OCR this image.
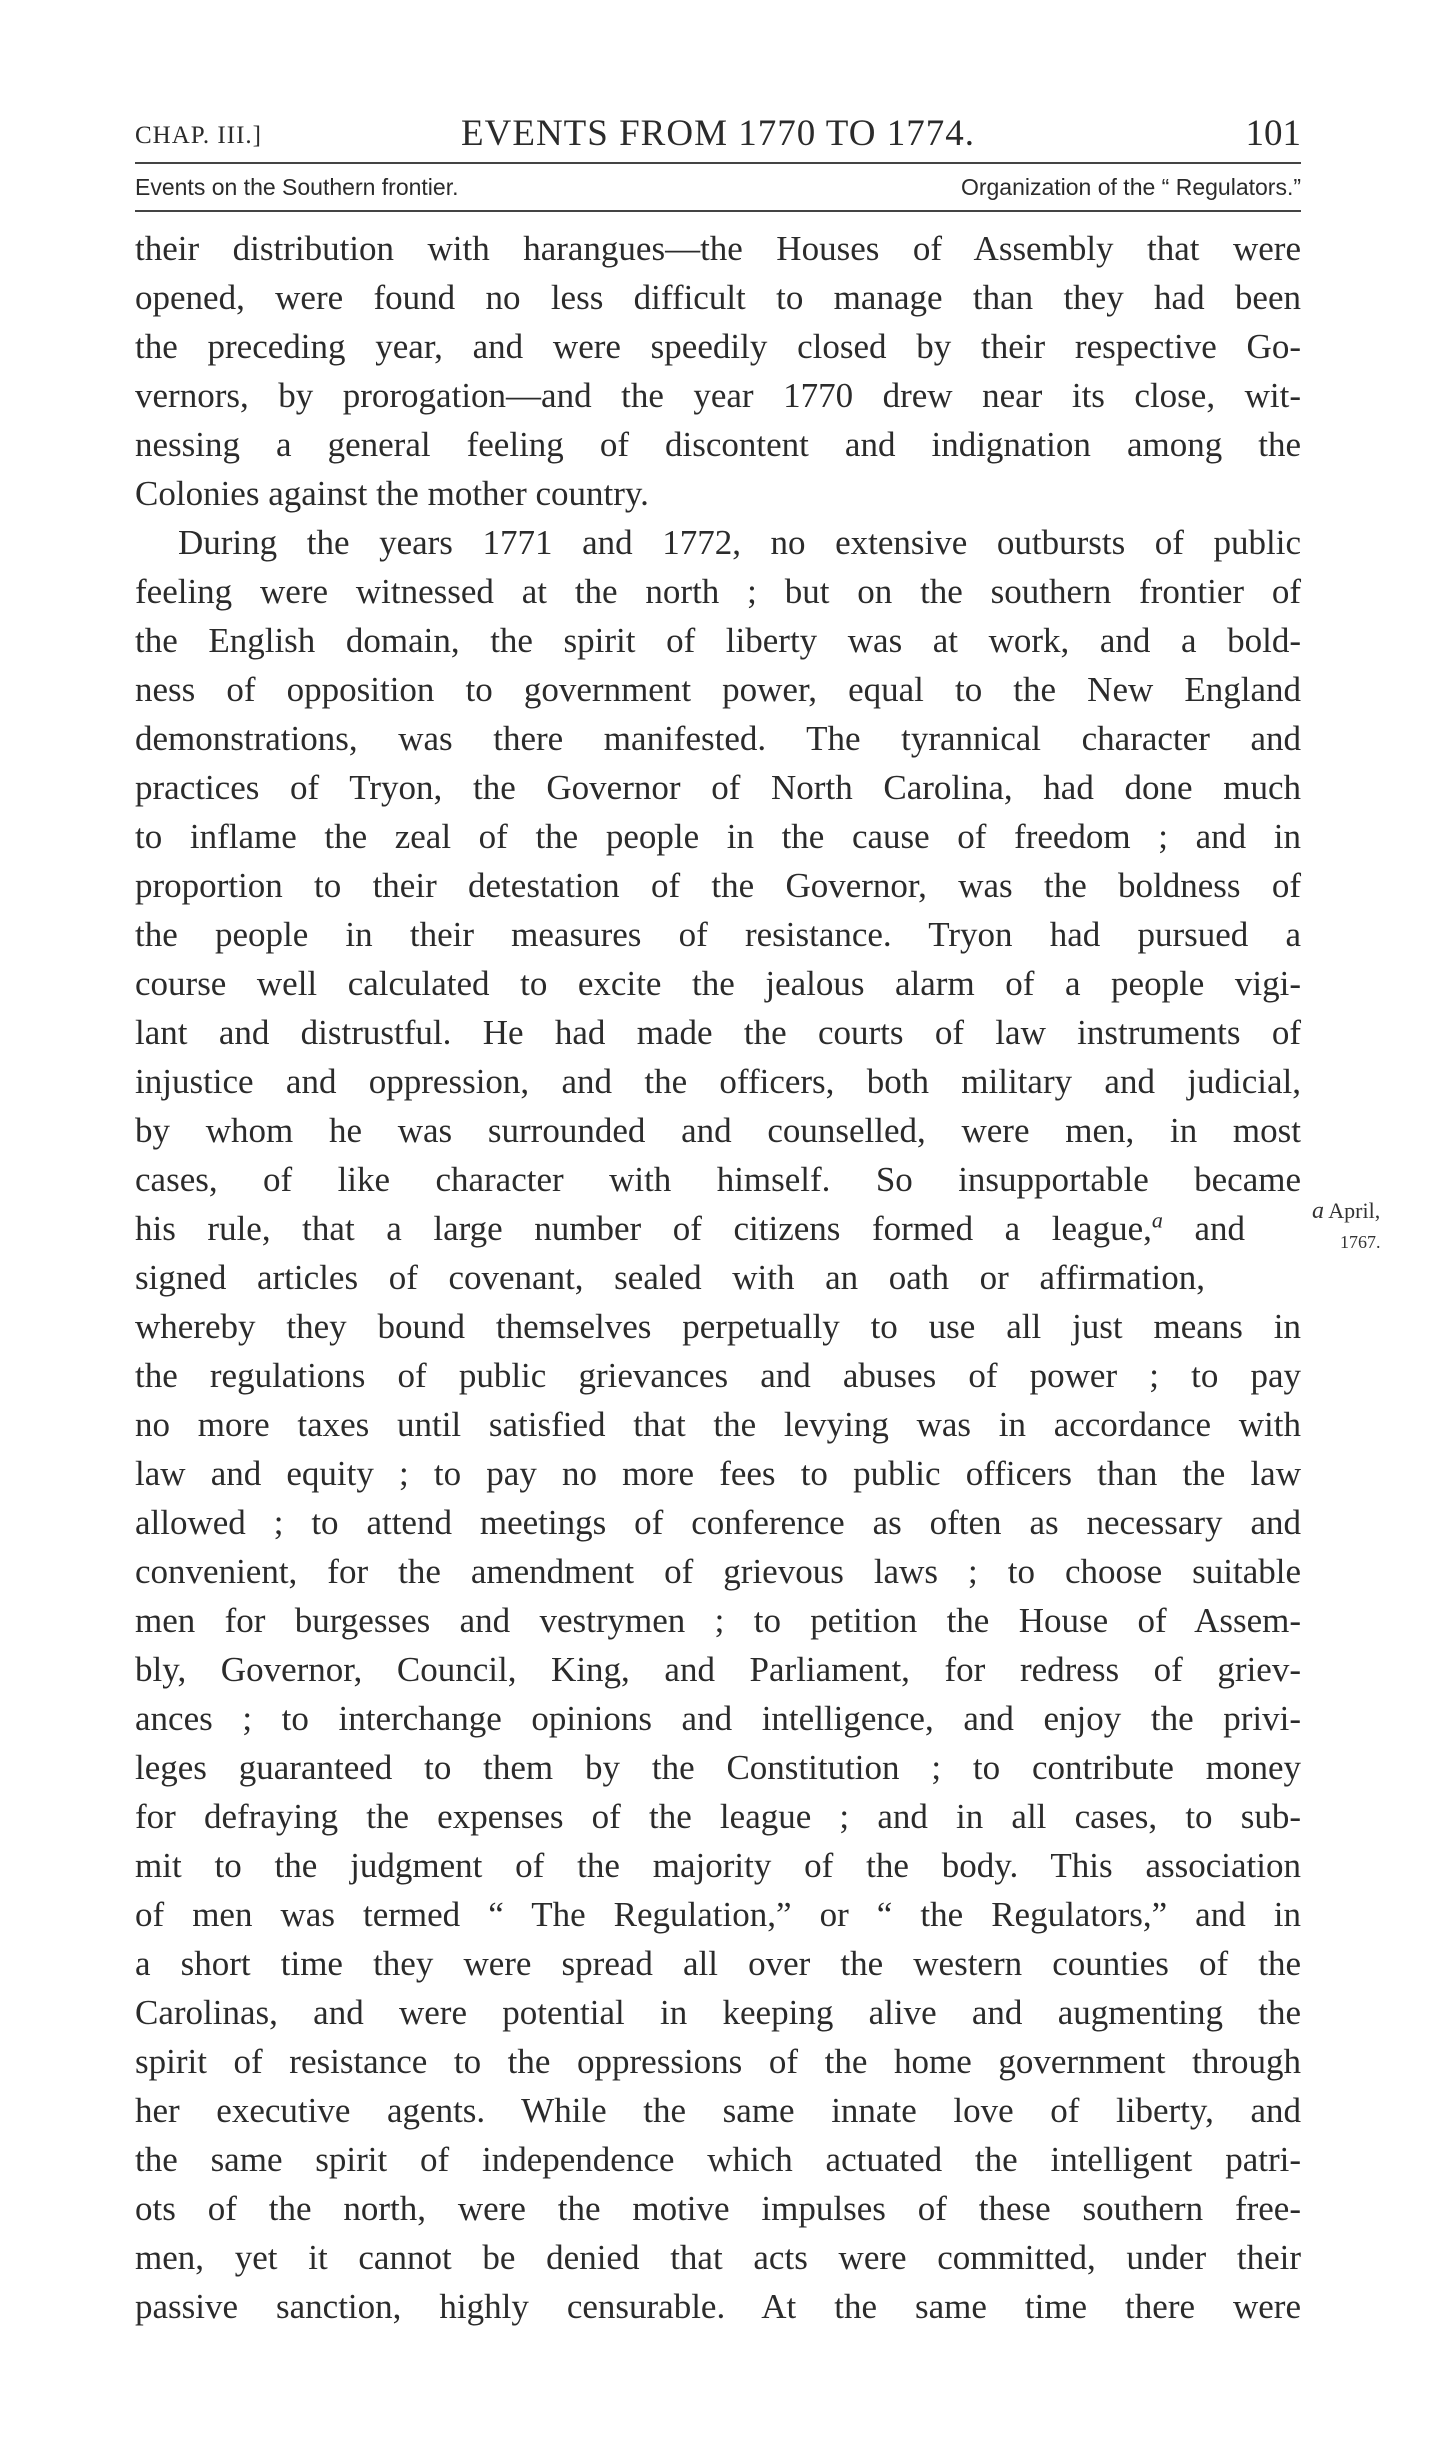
CHAP. III.]	EVENTS FROM 1770 TO 1774.	101
Events on the Southern frontier.	Organization of the “ Regulators.”
their distribution with harangues—the Houses of Assembly that were
opened, were found no less difficult to manage than they had been
the preceding year, and were speedily closed by their respective Go-
vernors, by prorogation—and the year 1770 drew near its close, wit-
nessing a general feeling of discontent and indignation among the
Colonies against the mother country.
During the years 1771 and 1772, no extensive outbursts of public
feeling were witnessed at the north ; but on the southern frontier of
the English domain, the spirit of liberty was at work, and a bold-
ness of opposition to government power, equal to the New England
demonstrations, was there manifested. The tyrannical character and
practices of Tryon, the Governor of North Carolina, had done much
to inflame the zeal of the people in the cause of freedom ; and in
proportion to their detestation of the Governor, was the boldness of
the people in their measures of resistance. Tryon had pursued a
course well calculated to excite the jealous alarm of a people vigi-
lant and distrustful. He had made the courts of law instruments of
injustice and oppression, and the officers, both military and judicial,
by whom he was surrounded and counselled, were men, in most
cases, of like character with himself. So insupportable became
his rule, that a large number of citizens formed a league,$^a$ and
signed articles of covenant, sealed with an oath or affirmation,
whereby they bound themselves perpetually to use all just means in
the regulations of public grievances and abuses of power ; to pay
no more taxes until satisfied that the levying was in accordance with
law and equity ; to pay no more fees to public officers than the law
allowed ; to attend meetings of conference as often as necessary and
convenient, for the amendment of grievous laws ; to choose suitable
men for burgesses and vestrymen ; to petition the House of Assem-
bly, Governor, Council, King, and Parliament, for redress of griev-
ances ; to interchange opinions and intelligence, and enjoy the privi-
leges guaranteed to them by the Constitution ; to contribute money
for defraying the expenses of the league ; and in all cases, to sub-
mit to the judgment of the majority of the body. This association
of men was termed “ The Regulation,” or “ the Regulators,” and in
a short time they were spread all over the western counties of the
Carolinas, and were potential in keeping alive and augmenting the
spirit of resistance to the oppressions of the home government through
her executive agents. While the same innate love of liberty, and
the same spirit of independence which actuated the intelligent patri-
ots of the north, were the motive impulses of these southern free-
men, yet it cannot be denied that acts were committed, under their
passive sanction, highly censurable. At the same time there were
a April,
1767.
